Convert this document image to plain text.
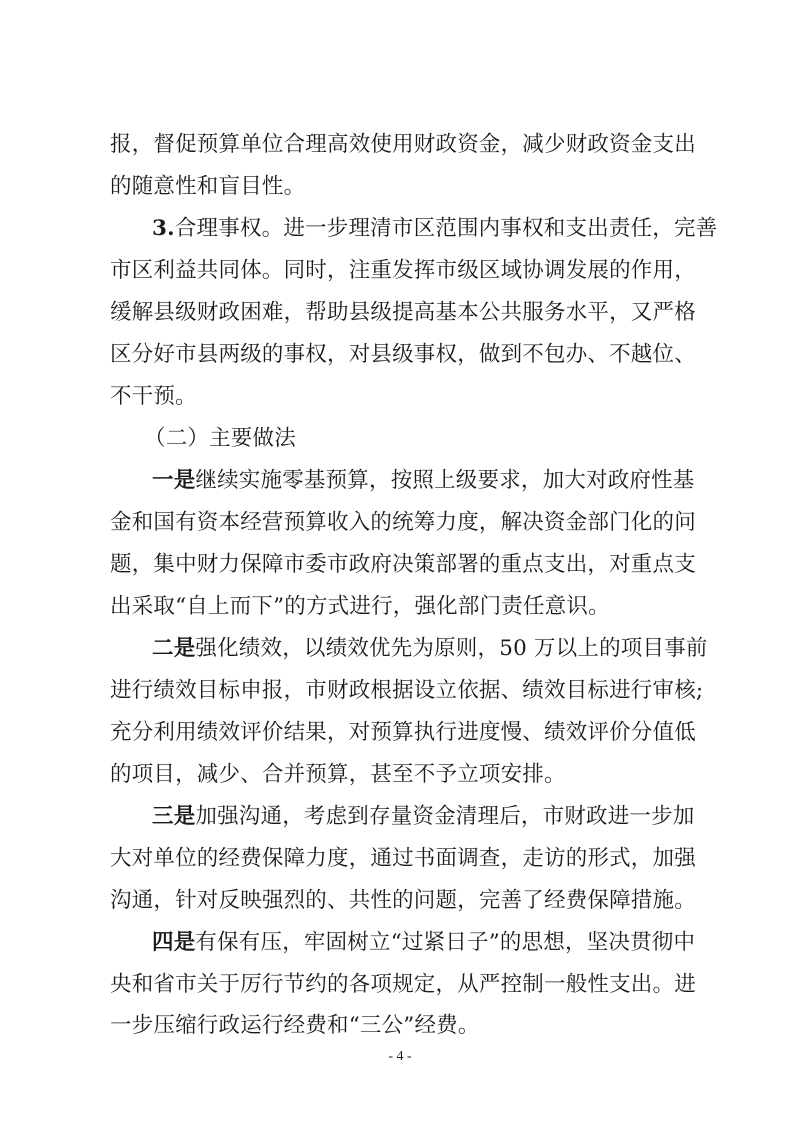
报，督促预算单位合理高效使用财政资金，减少财政资金支出
的随意性和盲目性。
3.合理事权。进一步理清市区范围内事权和支出责任，完善
市区利益共同体。同时，注重发挥市级区域协调发展的作用，
缓解县级财政困难，帮助县级提高基本公共服务水平，又严格
区分好市县两级的事权，对县级事权，做到不包办、不越位、
不干预。
（二）主要做法
一是继续实施零基预算，按照上级要求，加大对政府性基
金和国有资本经营预算收入的统筹力度，解决资金部门化的问
题，集中财力保障市委市政府决策部署的重点支出，对重点支
出采取“自上而下”的方式进行，强化部门责任意识。
二是强化绩效，以绩效优先为原则，50 万以上的项目事前
进行绩效目标申报，市财政根据设立依据、绩效目标进行审核;
充分利用绩效评价结果，对预算执行进度慢、绩效评价分值低
的项目，减少、合并预算，甚至不予立项安排。
三是加强沟通，考虑到存量资金清理后，市财政进一步加
大对单位的经费保障力度，通过书面调查，走访的形式，加强
沟通，针对反映强烈的、共性的问题，完善了经费保障措施。
四是有保有压，牢固树立“过紧日子”的思想，坚决贯彻中
央和省市关于厉行节约的各项规定，从严控制一般性支出。进
一步压缩行政运行经费和“三公”经费。
- 4 -
